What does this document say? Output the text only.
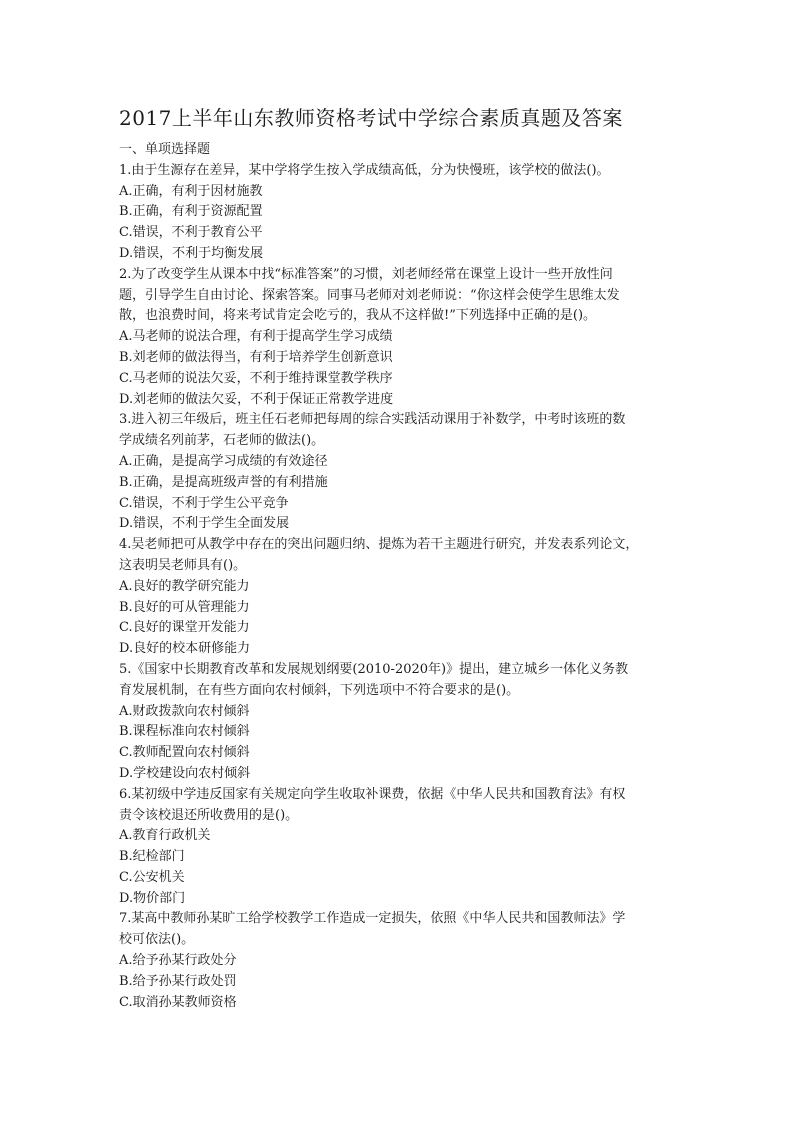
2017上半年山东教师资格考试中学综合素质真题及答案
一、单项选择题
1.由于生源存在差异，某中学将学生按入学成绩高低，分为快慢班，该学校的做法()。
A.正确，有利于因材施教
B.正确，有利于资源配置
C.错误，不利于教育公平
D.错误，不利于均衡发展
2.为了改变学生从课本中找“标准答案”的习惯，刘老师经常在课堂上设计一些开放性问
题，引导学生自由讨论、探索答案。同事马老师对刘老师说：“你这样会使学生思维太发
散，也浪费时间，将来考试肯定会吃亏的，我从不这样做!”下列选择中正确的是()。
A.马老师的说法合理，有利于提高学生学习成绩
B.刘老师的做法得当，有利于培养学生创新意识
C.马老师的说法欠妥，不利于维持课堂教学秩序
D.刘老师的做法欠妥，不利于保证正常教学进度
3.进入初三年级后，班主任石老师把每周的综合实践活动课用于补数学，中考时该班的数
学成绩名列前茅，石老师的做法()。
A.正确，是提高学习成绩的有效途径
B.正确，是提高班级声誉的有利措施
C.错误，不利于学生公平竞争
D.错误，不利于学生全面发展
4.吴老师把可从教学中存在的突出问题归纳、提炼为若干主题进行研究，并发表系列论文，
这表明吴老师具有()。
A.良好的教学研究能力
B.良好的可从管理能力
C.良好的课堂开发能力
D.良好的校本研修能力
5.《国家中长期教育改革和发展规划纲要(2010-2020年)》提出，建立城乡一体化义务教
育发展机制，在有些方面向农村倾斜，下列选项中不符合要求的是()。
A.财政拨款向农村倾斜
B.课程标准向农村倾斜
C.教师配置向农村倾斜
D.学校建设向农村倾斜
6.某初级中学违反国家有关规定向学生收取补课费，依据《中华人民共和国教育法》有权
责令该校退还所收费用的是()。
A.教育行政机关
B.纪检部门
C.公安机关
D.物价部门
7.某高中教师孙某旷工给学校教学工作造成一定损失，依照《中华人民共和国教师法》学
校可依法()。
A.给予孙某行政处分
B.给予孙某行政处罚
C.取消孙某教师资格
